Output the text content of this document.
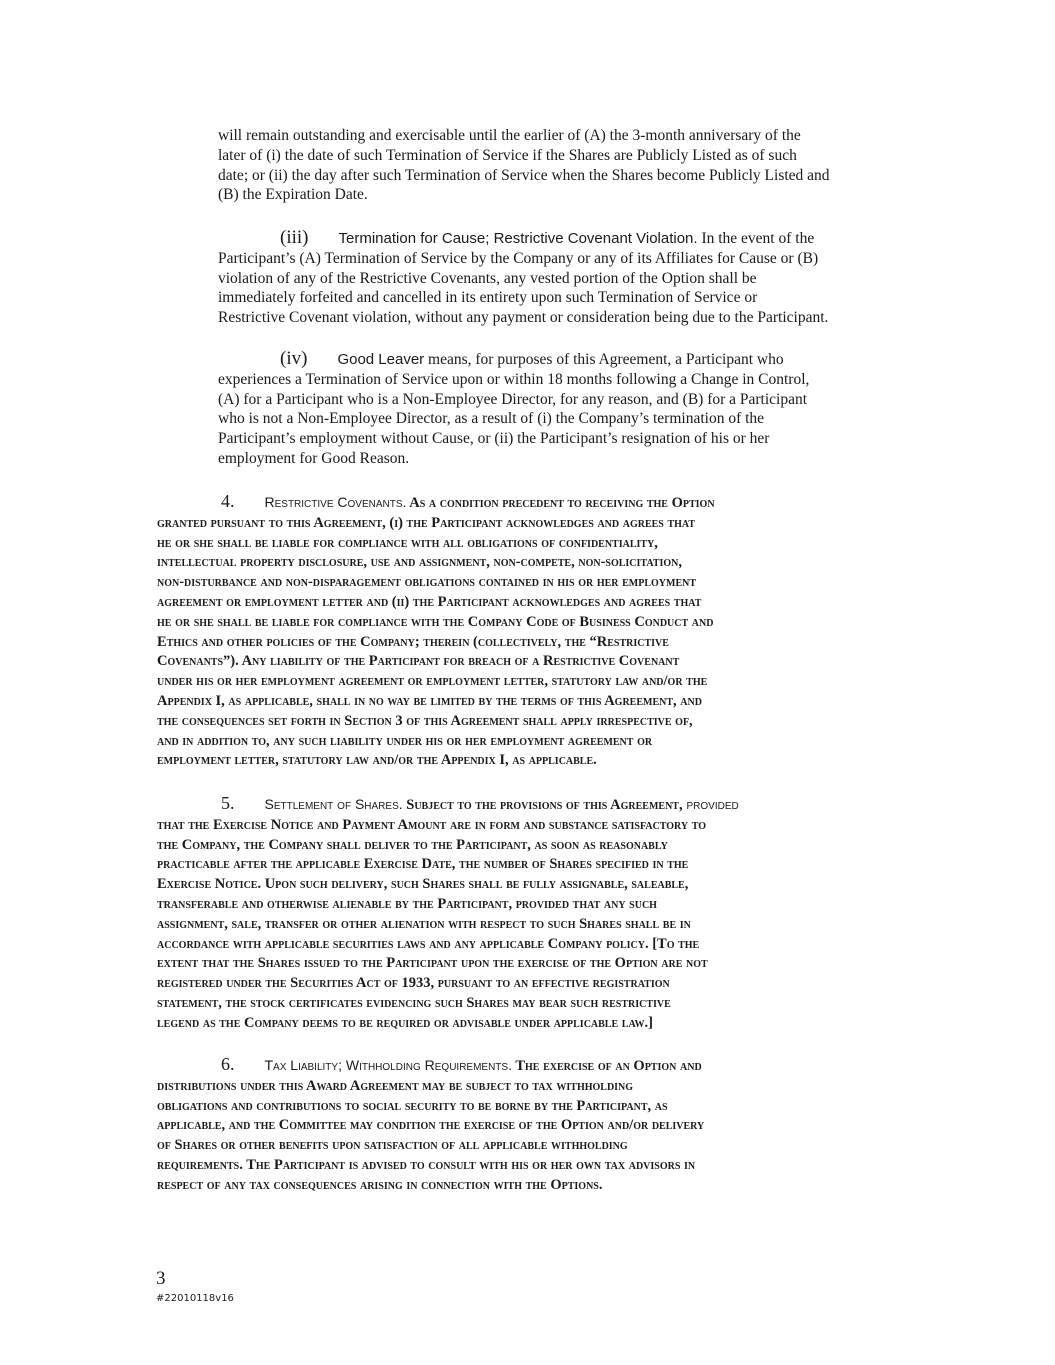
will remain outstanding and exercisable until the earlier of (A) the 3-month anniversary of the
later of (i) the date of such Termination of Service if the Shares are Publicly Listed as of such
date; or (ii) the day after such Termination of Service when the Shares become Publicly Listed and
(B) the Expiration Date.
(iii) Termination for Cause; Restrictive Covenant Violation. In the event of the
Participant’s (A) Termination of Service by the Company or any of its Affiliates for Cause or (B)
violation of any of the Restrictive Covenants, any vested portion of the Option shall be
immediately forfeited and cancelled in its entirety upon such Termination of Service or
Restrictive Covenant violation, without any payment or consideration being due to the Participant.
(iv) Good Leaver means, for purposes of this Agreement, a Participant who
experiences a Termination of Service upon or within 18 months following a Change in Control,
(A) for a Participant who is a Non-Employee Director, for any reason, and (B) for a Participant
who is not a Non-Employee Director, as a result of (i) the Company’s termination of the
Participant’s employment without Cause, or (ii) the Participant’s resignation of his or her
employment for Good Reason.
4. Restrictive Covenants. As a condition precedent to receiving the Option
granted pursuant to this Agreement, (i) the Participant acknowledges and agrees that
he or she shall be liable for compliance with all obligations of confidentiality,
intellectual property disclosure, use and assignment, non-compete, non-solicitation,
non-disturbance and non-disparagement obligations contained in his or her employment
agreement or employment letter and (ii) the Participant acknowledges and agrees that
he or she shall be liable for compliance with the Company Code of Business Conduct and
Ethics and other policies of the Company; therein (collectively, the “Restrictive
Covenants”). Any liability of the Participant for breach of a Restrictive Covenant
under his or her employment agreement or employment letter, statutory law and/or the
Appendix I, as applicable, shall in no way be limited by the terms of this Agreement, and
the consequences set forth in Section 3 of this Agreement shall apply irrespective of,
and in addition to, any such liability under his or her employment agreement or
employment letter, statutory law and/or the Appendix I, as applicable.
5. Settlement of Shares. Subject to the provisions of this Agreement, provided
that the Exercise Notice and Payment Amount are in form and substance satisfactory to
the Company, the Company shall deliver to the Participant, as soon as reasonably
practicable after the applicable Exercise Date, the number of Shares specified in the
Exercise Notice. Upon such delivery, such Shares shall be fully assignable, saleable,
transferable and otherwise alienable by the Participant, provided that any such
assignment, sale, transfer or other alienation with respect to such Shares shall be in
accordance with applicable securities laws and any applicable Company policy. [To the
extent that the Shares issued to the Participant upon the exercise of the Option are not
registered under the Securities Act of 1933, pursuant to an effective registration
statement, the stock certificates evidencing such Shares may bear such restrictive
legend as the Company deems to be required or advisable under applicable law.]
6. Tax Liability; Withholding Requirements. The exercise of an Option and
distributions under this Award Agreement may be subject to tax withholding
obligations and contributions to social security to be borne by the Participant, as
applicable, and the Committee may condition the exercise of the Option and/or delivery
of Shares or other benefits upon satisfaction of all applicable withholding
requirements. The Participant is advised to consult with his or her own tax advisors in
respect of any tax consequences arising in connection with the Options.
3
#22010118v16
